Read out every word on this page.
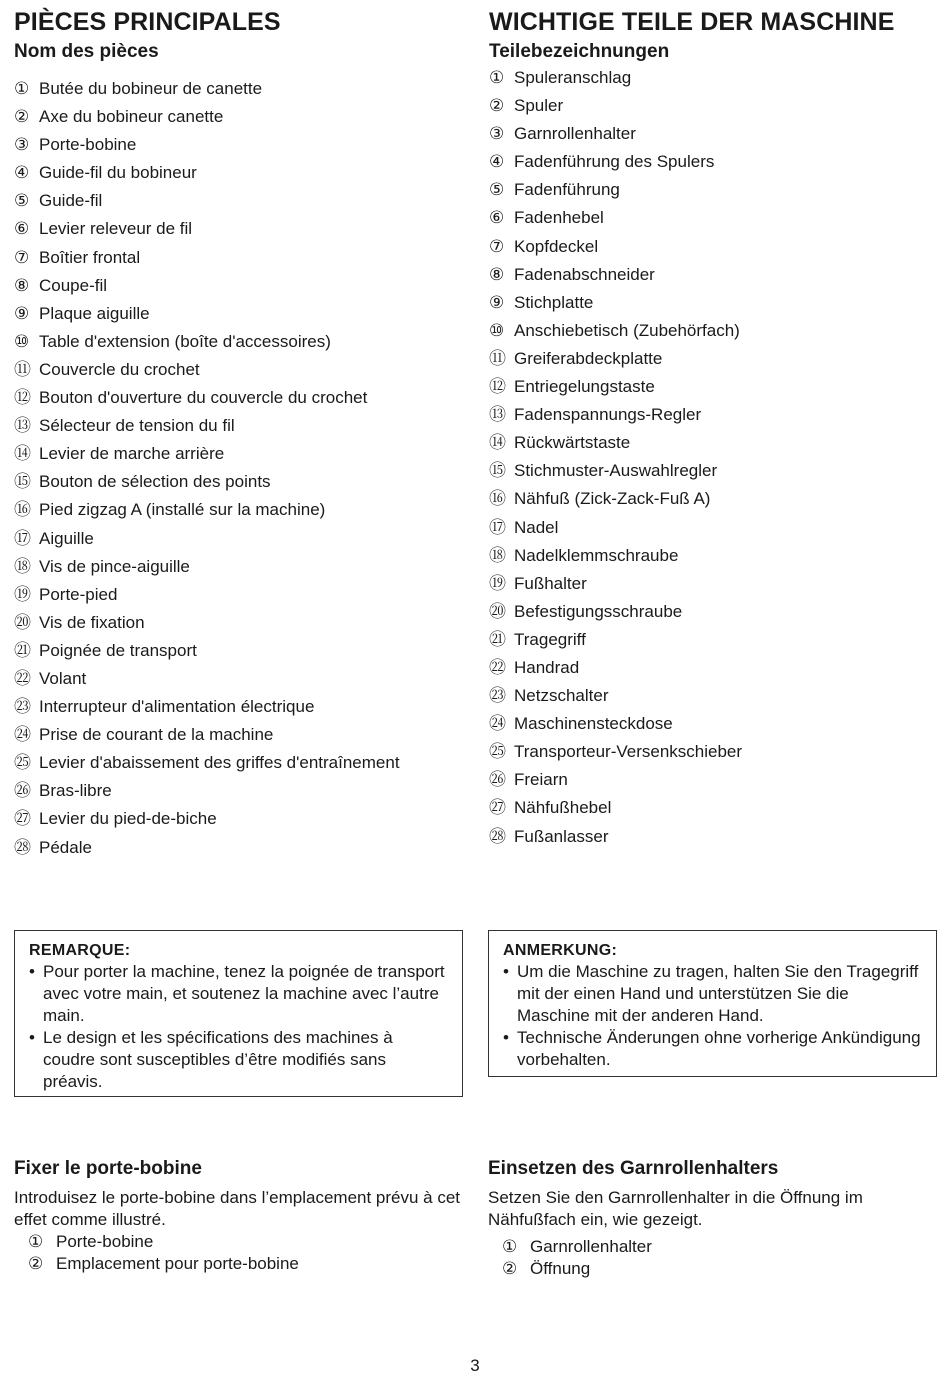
PIÈCES PRINCIPALES
Nom des pièces
① Butée du bobineur de canette
② Axe du bobineur canette
③ Porte-bobine
④ Guide-fil du bobineur
⑤ Guide-fil
⑥ Levier releveur de fil
⑦ Boîtier frontal
⑧ Coupe-fil
⑨ Plaque aiguille
⑩ Table d'extension (boîte d'accessoires)
⑪ Couvercle du crochet
⑫ Bouton d'ouverture du couvercle du crochet
⑬ Sélecteur de tension du fil
⑭ Levier de marche arrière
⑮ Bouton de sélection des points
⑯ Pied zigzag A (installé sur la machine)
⑰ Aiguille
⑱ Vis de pince-aiguille
⑲ Porte-pied
⑳ Vis de fixation
㉑ Poignée de transport
㉒ Volant
㉓ Interrupteur d'alimentation électrique
㉔ Prise de courant de la machine
㉕ Levier d'abaissement des griffes d'entraînement
㉖ Bras-libre
㉗ Levier du pied-de-biche
㉘ Pédale
WICHTIGE TEILE DER MASCHINE
Teilebezeichnungen
① Spuleranschlag
② Spuler
③ Garnrollenhalter
④ Fadenführung des Spulers
⑤ Fadenführung
⑥ Fadenhebel
⑦ Kopfdeckel
⑧ Fadenabschneider
⑨ Stichplatte
⑩ Anschiebetisch (Zubehörfach)
⑪ Greiferabdeckplatte
⑫ Entriegelungstaste
⑬ Fadenspannungs-Regler
⑭ Rückwärtstaste
⑮ Stichmuster-Auswahlregler
⑯ Nähfuß (Zick-Zack-Fuß A)
⑰ Nadel
⑱ Nadelklemmschraube
⑲ Fußhalter
⑳ Befestigungsschraube
㉑ Tragegriff
㉒ Handrad
㉓ Netzschalter
㉔ Maschinensteckdose
㉕ Transporteur-Versenkschieber
㉖ Freiarn
㉗ Nähfußhebel
㉘ Fußanlasser
REMARQUE:
• Pour porter la machine, tenez la poignée de transport avec votre main, et soutenez la machine avec l’autre main.
• Le design et les spécifications des machines à coudre sont susceptibles d’être modifiés sans préavis.
ANMERKUNG:
• Um die Maschine zu tragen, halten Sie den Tragegriff mit der einen Hand und unterstützen Sie die Maschine mit der anderen Hand.
• Technische Änderungen ohne vorherige Ankündigung vorbehalten.
Fixer le porte-bobine

Introduisez le porte-bobine dans l’emplacement prévu à cet effet comme illustré.

① Porte-bobine
② Emplacement pour porte-bobine
Einsetzen des Garnrollenhalters

Setzen Sie den Garnrollenhalter in die Öffnung im Nähfußfach ein, wie gezeigt.

① Garnrollenhalter
② Öffnung
3
